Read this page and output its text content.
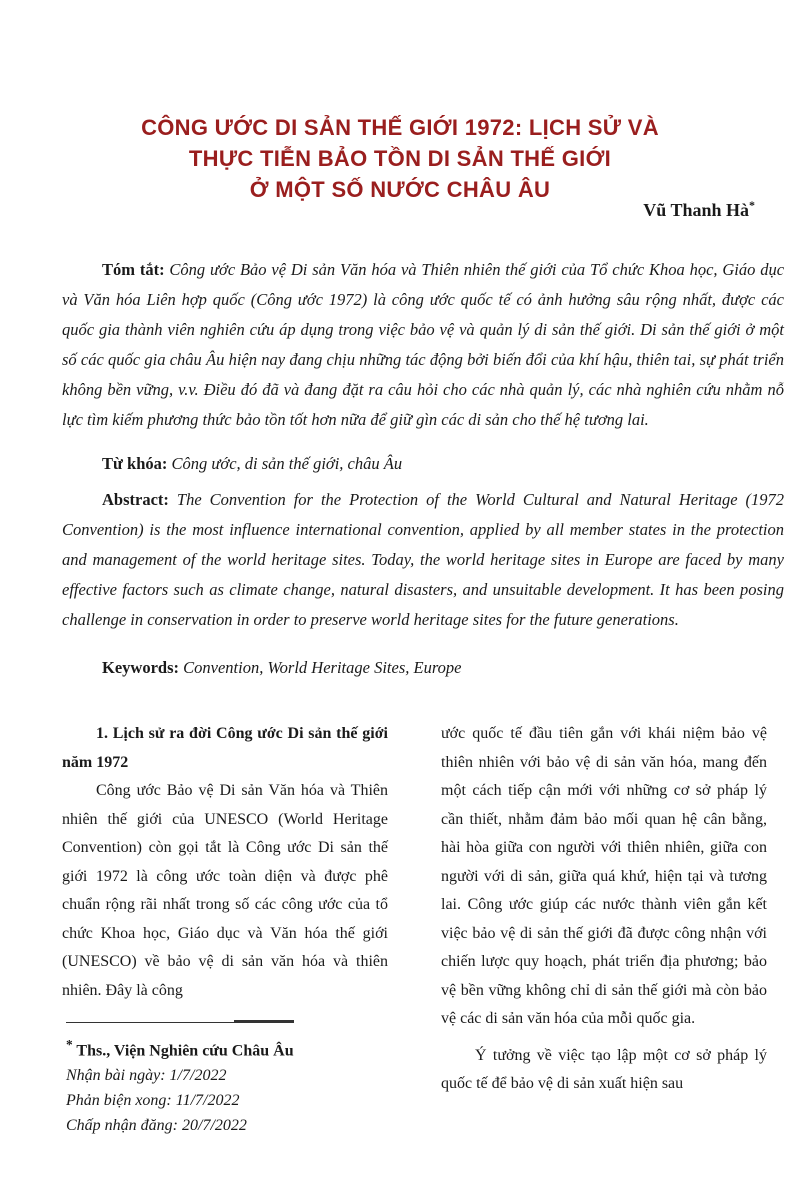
CÔNG ƯỚC DI SẢN THẾ GIỚI 1972: LỊCH SỬ VÀ
THỰC TIỄN BẢO TỒN DI SẢN THẾ GIỚI
Ở MỘT SỐ NƯỚC CHÂU ÂU
Vũ Thanh Hà*
Tóm tắt: Công ước Bảo vệ Di sản Văn hóa và Thiên nhiên thế giới của Tổ chức Khoa học, Giáo dục và Văn hóa Liên hợp quốc (Công ước 1972) là công ước quốc tế có ảnh hưởng sâu rộng nhất, được các quốc gia thành viên nghiên cứu áp dụng trong việc bảo vệ và quản lý di sản thế giới. Di sản thế giới ở một số các quốc gia châu Âu hiện nay đang chịu những tác động bởi biến đổi của khí hậu, thiên tai, sự phát triển không bền vững, v.v. Điều đó đã và đang đặt ra câu hỏi cho các nhà quản lý, các nhà nghiên cứu nhằm nỗ lực tìm kiếm phương thức bảo tồn tốt hơn nữa để giữ gìn các di sản cho thế hệ tương lai.
Từ khóa: Công ước, di sản thế giới, châu Âu
Abstract: The Convention for the Protection of the World Cultural and Natural Heritage (1972 Convention) is the most influence international convention, applied by all member states in the protection and management of the world heritage sites. Today, the world heritage sites in Europe are faced by many effective factors such as climate change, natural disasters, and unsuitable development. It has been posing challenge in conservation in order to preserve world heritage sites for the future generations.
Keywords: Convention, World Heritage Sites, Europe

1. Lịch sử ra đời Công ước Di sản thế giới năm 1972

Công ước Bảo vệ Di sản Văn hóa và Thiên nhiên thế giới của UNESCO (World Heritage Convention) còn gọi tắt là Công ước Di sản thế giới 1972 là công ước toàn diện và được phê chuẩn rộng rãi nhất trong số các công ước của tổ chức Khoa học, Giáo dục và Văn hóa thế giới (UNESCO) về bảo vệ di sản văn hóa và thiên nhiên. Đây là công

ước quốc tế đầu tiên gắn với khái niệm bảo vệ thiên nhiên với bảo vệ di sản văn hóa, mang đến một cách tiếp cận mới với những cơ sở pháp lý cần thiết, nhằm đảm bảo mối quan hệ cân bằng, hài hòa giữa con người với thiên nhiên, giữa con người với di sản, giữa quá khứ, hiện tại và tương lai. Công ước giúp các nước thành viên gắn kết việc bảo vệ di sản thế giới đã được công nhận với chiến lược quy hoạch, phát triển địa phương; bảo vệ bền vững không chỉ di sản thế giới mà còn bảo vệ các di sản văn hóa của mỗi quốc gia.

Ý tưởng về việc tạo lập một cơ sở pháp lý quốc tế để bảo vệ di sản xuất hiện sau

* Ths., Viện Nghiên cứu Châu Âu
Nhận bài ngày: 1/7/2022
Phản biện xong: 11/7/2022
Chấp nhận đăng: 20/7/2022
